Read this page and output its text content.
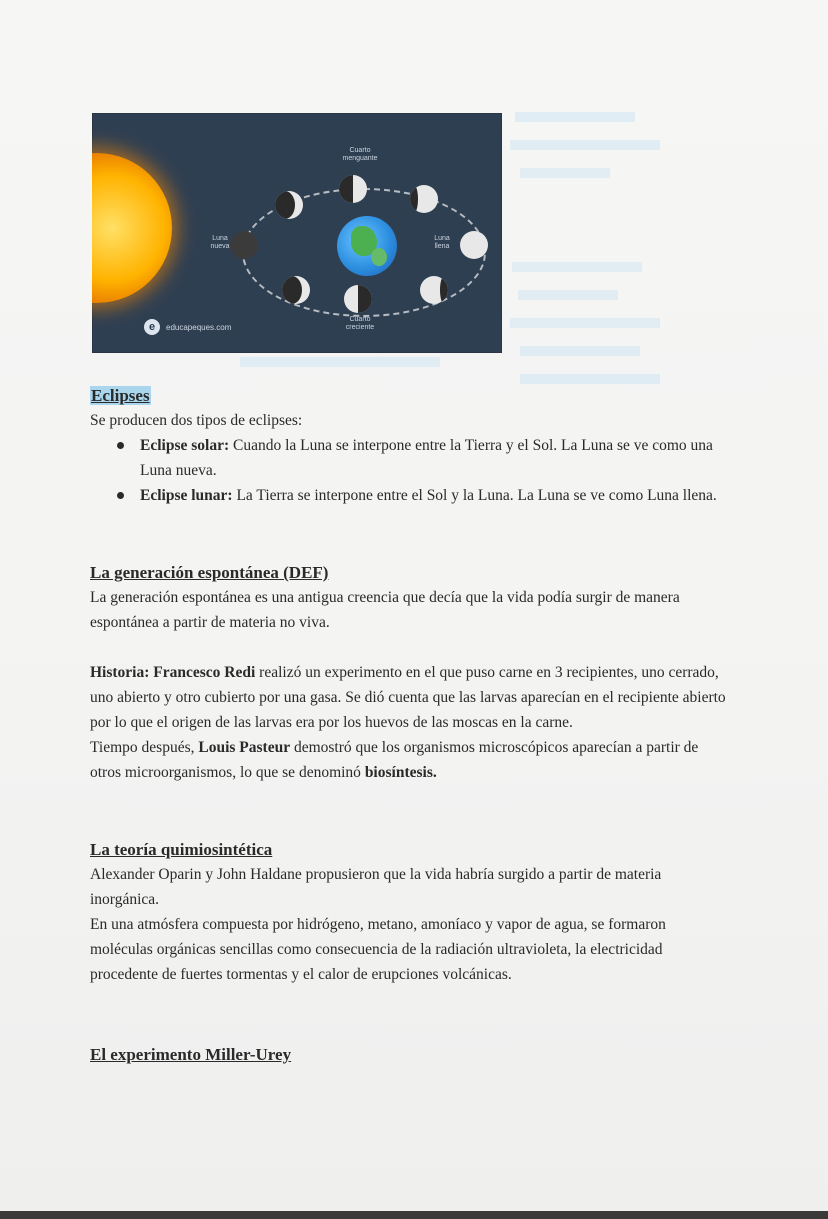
Cuarto
menguante
Cuarto
creciente
Luna
nueva
Luna
llena
e	educapeques.com
Eclipses

Se producen dos tipos de eclipses:

Eclipse solar: Cuando la Luna se interpone entre la Tierra y el Sol. La Luna se ve como una Luna nueva.
Eclipse lunar: La Tierra se interpone entre el Sol y la Luna. La Luna se ve como Luna llena.
La generación espontánea (DEF)

La generación espontánea es una antigua creencia que decía que la vida podía surgir de manera espontánea a partir de materia no viva.

Historia: Francesco Redi realizó un experimento en el que puso carne en 3 recipientes, uno cerrado, uno abierto y otro cubierto por una gasa. Se dió cuenta que las larvas aparecían en el recipiente abierto por lo que el origen de las larvas era por los huevos de las moscas en la carne.

Tiempo después, Louis Pasteur demostró que los organismos microscópicos aparecían a partir de otros microorganismos, lo que se denominó biosíntesis.

La teoría quimiosintética

Alexander Oparin y John Haldane propusieron que la vida habría surgido a partir de materia inorgánica.

En una atmósfera compuesta por hidrógeno, metano, amoníaco y vapor de agua, se formaron moléculas orgánicas sencillas como consecuencia de la radiación ultravioleta, la electricidad procedente de fuertes tormentas y el calor de erupciones volcánicas.

El experimento Miller-Urey
